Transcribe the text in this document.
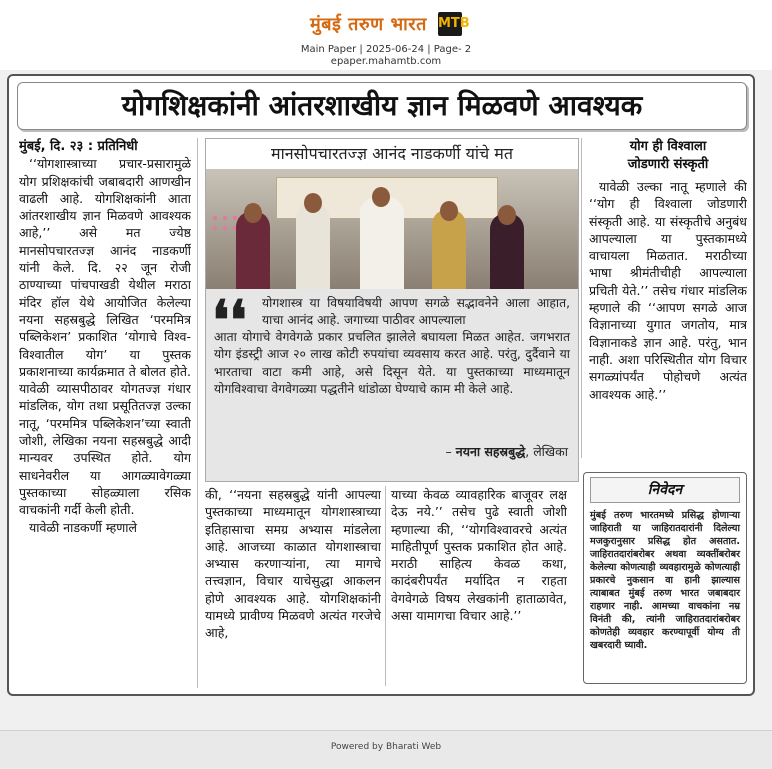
मुंबई तरुण भारत MTB
Main Paper | 2025-06-24 | Page- 2
epaper.mahamtb.com
योगशिक्षकांनी आंतरशाखीय ज्ञान मिळवणे आवश्यक
मुंबई, दि. २३ : प्रतिनिधी

‘‘योगशास्त्राच्या प्रचार-प्रसारामुळे योग प्रशिक्षकांची जबाबदारी आणखीन वाढली आहे. योगशिक्षकांनी आता आंतरशाखीय ज्ञान मिळवणे आवश्यक आहे,’’ असे मत ज्येष्ठ मानसोपचारतज्ज्ञ आनंद नाडकर्णी यांनी केले. दि. २२ जून रोजी ठाण्याच्या पांचपाखडी येथील मराठा मंदिर हॉल येथे आयोजित केलेल्या नयना सहस्रबुद्धे लिखित ‘परममित्र पब्लिकेशन’ प्रकाशित ‘योगाचे विश्व-विश्वातील योग’ या पुस्तक प्रकाशनाच्या कार्यक्रमात ते बोलत होते. यावेळी व्यासपीठावर योगतज्ज्ञ गंधार मांडलिक, योग तथा प्रसूतितज्ज्ञ उल्का नातू, ‘परममित्र पब्लिकेशन’च्या स्वाती जोशी, लेखिका नयना सहस्रबुद्धे आदी मान्यवर उपस्थित होते. योग साधनेवरील या आगळ्यावेगळ्या पुस्तकाच्या सोहळ्याला रसिक वाचकांनी गर्दी केली होती.

यावेळी नाडकर्णी म्हणाले

मानसोपचारतज्ज्ञ आनंद नाडकर्णी यांचे मत
❛❛ योगशास्त्र या विषयाविषयी आपण सगळे सद्भावनेने आला आहात, याचा आनंद आहे. जगाच्या पाठीवर आपल्याला
आता योगाचे वेगवेगळे प्रकार प्रचलित झालेले बघायला मिळत आहेत. जगभरात योग इंडस्ट्री आज २० लाख कोटी रुपयांचा व्यवसाय करत आहे. परंतु, दुर्दैवाने या भारताचा वाटा कमी आहे, असे दिसून येते. या पुस्तकाच्या माध्यमातून योगविश्वाचा वेगवेगळ्या पद्धतीने धांडोळा घेण्याचे काम मी केले आहे.
– नयना सहस्रबुद्धे, लेखिका

की, ‘‘नयना सहस्रबुद्धे यांनी आपल्या पुस्तकाच्या माध्यमातून योगशास्त्राच्या इतिहासाचा समग्र अभ्यास मांडलेला आहे. आजच्या काळात योगशास्त्राचा अभ्यास करणाऱ्यांना, त्या मागचे तत्त्वज्ञान, विचार याचेसुद्धा आकलन होणे आवश्यक आहे. योगशिक्षकांनी यामध्ये प्रावीण्य मिळवणे अत्यंत गरजेचे आहे,

याच्या केवळ व्यावहारिक बाजूवर लक्ष देऊ नये.’’ तसेच पुढे स्वाती जोशी म्हणाल्या की, ‘‘योगविश्वावरचे अत्यंत माहितीपूर्ण पुस्तक प्रकाशित होत आहे. मराठी साहित्य केवळ कथा, कादंबरीपर्यंत मर्यादित न राहता वेगवेगळे विषय लेखकांनी हाताळावेत, असा यामागचा विचार आहे.’’

योग ही विश्वाला
जोडणारी संस्कृती

यावेळी उल्का नातू म्हणाले की ‘‘योग ही विश्वाला जोडणारी संस्कृती आहे. या संस्कृतीचे अनुबंध आपल्याला या पुस्तकामध्ये वाचायला मिळतात. मराठीच्या भाषा श्रीमंतीचीही आपल्याला प्रचिती येते.’’ तसेच गंधार मांडलिक म्हणाले की ‘‘आपण सगळे आज विज्ञानाच्या युगात जगतोय, मात्र विज्ञानाकडे ज्ञान आहे. परंतु, भान नाही. अशा परिस्थितीत योग विचार सगळ्यांपर्यंत पोहोचणे अत्यंत आवश्यक आहे.’’

निवेदन
मुंबई तरुण भारतमध्ये प्रसिद्ध होणाऱ्या जाहिराती या जाहिरातदारांनी दिलेल्या मजकुरानुसार प्रसिद्ध होत असतात. जाहिरातदारांबरोबर अथवा व्यक्तींबरोबर केलेल्या कोणत्याही व्यवहारामुळे कोणत्याही प्रकारचे नुकसान वा हानी झाल्यास त्याबाबत मुंबई तरुण भारत जबाबदार राहणार नाही. आमच्या वाचकांना नम्र विनंती की, त्यांनी जाहिरातदारांबरोबर कोणतेही व्यवहार करण्यापूर्वी योग्य ती खबरदारी घ्यावी.
Powered by Bharati Web
